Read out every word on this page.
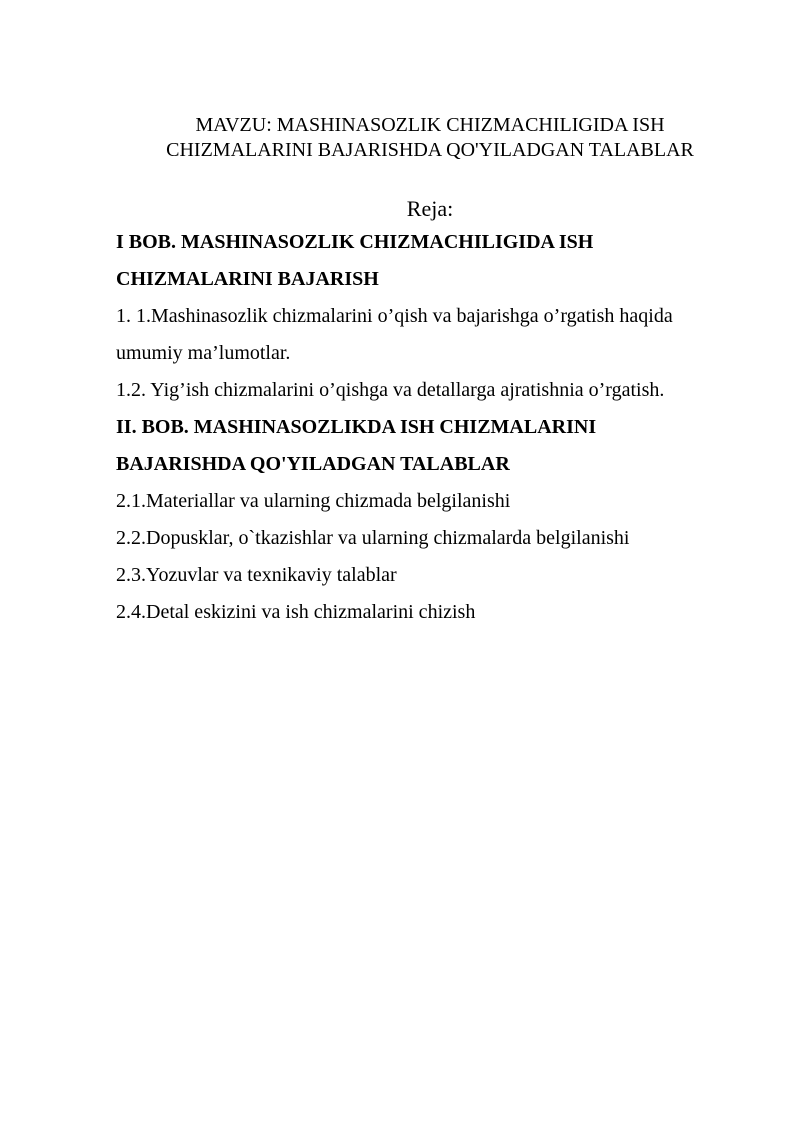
MAVZU: MASHINASOZLIK CHIZMACHILIGIDA ISH
CHIZMALARINI BAJARISHDA QO'YILADGAN TALABLAR
Reja:
I BOB. MASHINASOZLIK CHIZMACHILIGIDA ISH
CHIZMALARINI BAJARISH
1. 1.Mashinasozlik chizmalarini o’qish va bajarishga o’rgatish haqida
umumiy ma’lumotlar.
1.2. Yig’ish chizmalarini o’qishga va detallarga ajratishnia o’rgatish.
II. BOB. MASHINASOZLIKDA ISH CHIZMALARINI
BAJARISHDA QO'YILADGAN TALABLAR
2.1.Materiallar va ularning chizmada belgilanishi
2.2.Dopusklar, o`tkazishlar va ularning chizmalarda belgilanishi
2.3.Yozuvlar va texnikaviy talablar
2.4.Detal eskizini va ish chizmalarini chizish
